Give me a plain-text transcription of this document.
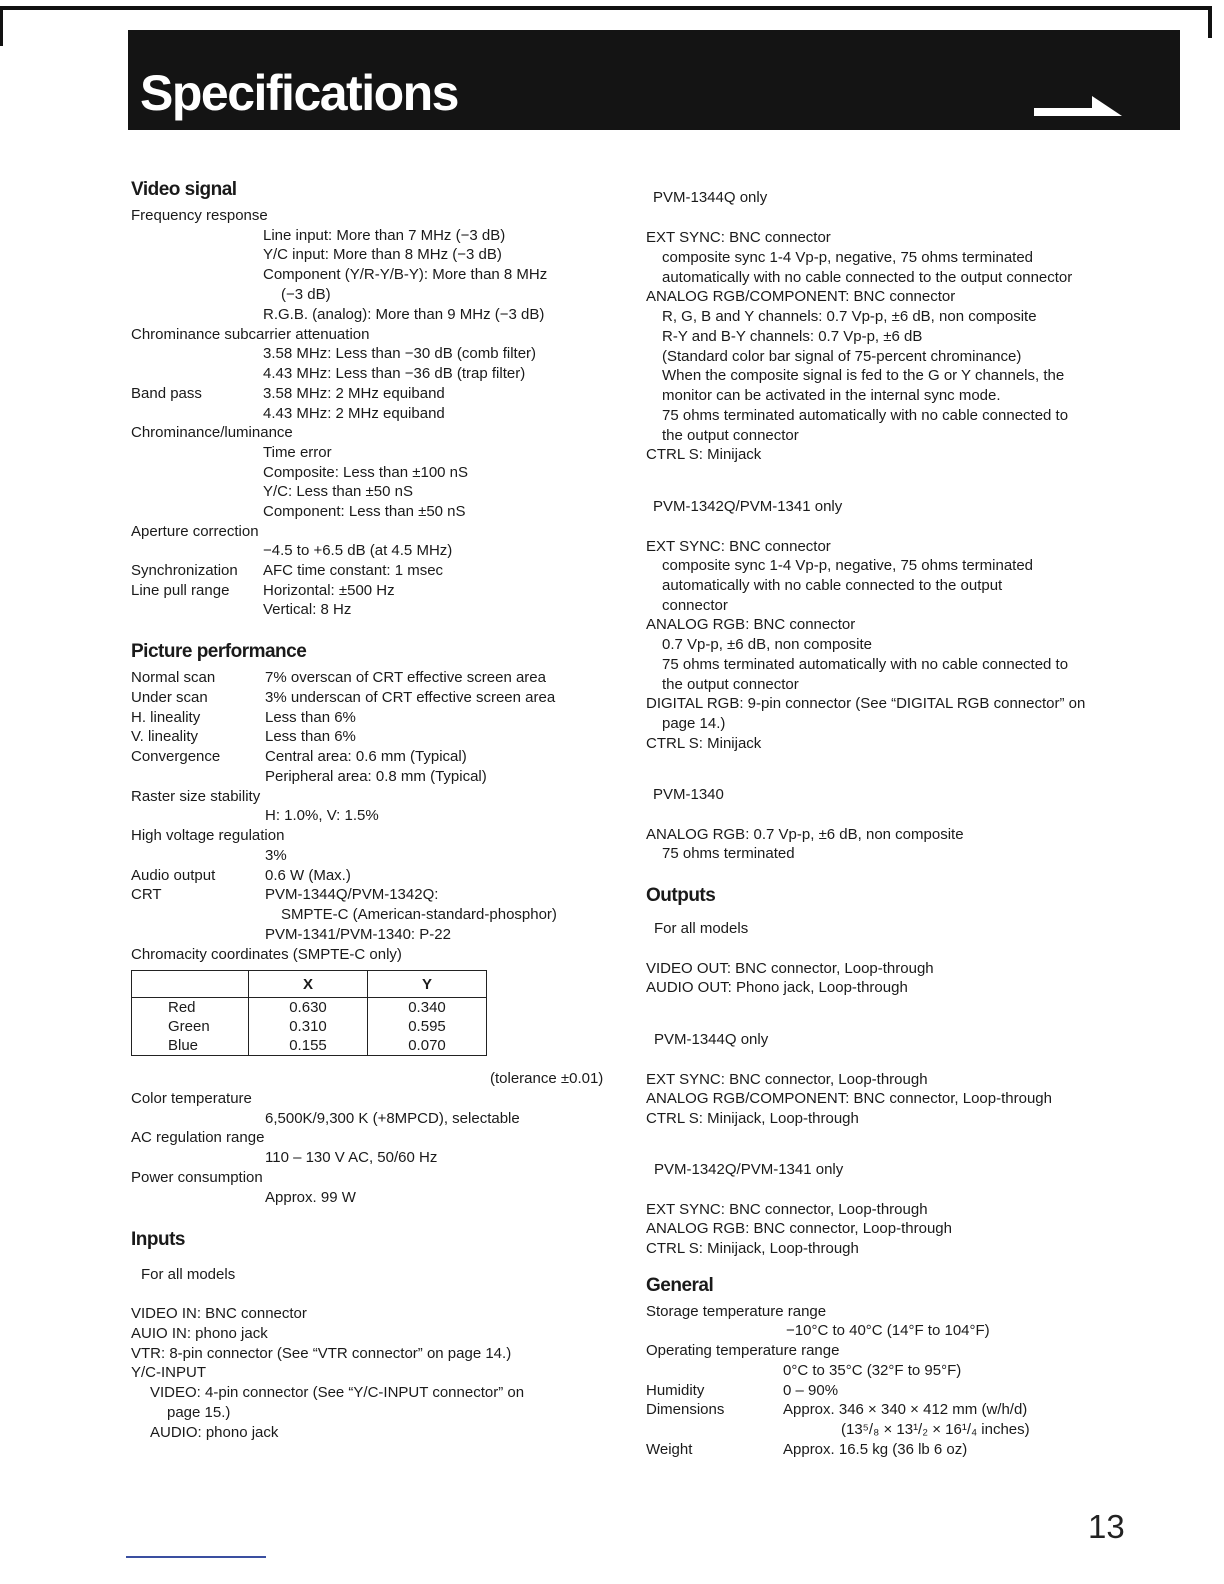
Specifications
Video signal
Frequency response
Line input: More than 7 MHz (−3 dB)
Y/C input: More than 8 MHz (−3 dB)
Component (Y/R-Y/B-Y): More than 8 MHz
(−3 dB)
R.G.B. (analog): More than 9 MHz (−3 dB)
Chrominance subcarrier attenuation
3.58 MHz: Less than −30 dB (comb filter)
4.43 MHz: Less than −36 dB (trap filter)
Band pass	3.58 MHz: 2 MHz equiband
4.43 MHz: 2 MHz equiband
Chrominance/luminance
Time error
Composite: Less than ±100 nS
Y/C: Less than ±50 nS
Component: Less than ±50 nS
Aperture correction
−4.5 to +6.5 dB (at 4.5 MHz)
Synchronization AFC time constant: 1 msec
Line pull range Horizontal: ±500 Hz
Vertical: 8 Hz
Picture performance
Normal scan	7% overscan of CRT effective screen area
Under scan	3% underscan of CRT effective screen area
H. lineality	Less than 6%
V. lineality	Less than 6%
Convergence	Central area: 0.6 mm (Typical)
Peripheral area: 0.8 mm (Typical)
Raster size stability
H: 1.0%, V: 1.5%
High voltage regulation
3%
Audio output	0.6 W (Max.)
CRT	PVM-1344Q/PVM-1342Q:
SMPTE-C (American-standard-phosphor)
PVM-1341/PVM-1340: P-22
Chromacity coordinates (SMPTE-C only)
	X	Y
Red	0.630	0.340
Green	0.310	0.595
Blue	0.155	0.070
(tolerance ±0.01)
Color temperature
6,500K/9,300 K (+8MPCD), selectable
AC regulation range
110 – 130 V AC, 50/60 Hz
Power consumption
Approx. 99 W
Inputs
For all models
VIDEO IN: BNC connector
AUIO IN: phono jack
VTR: 8-pin connector (See “VTR connector” on page 14.)
Y/C-INPUT
VIDEO: 4-pin connector (See “Y/C-INPUT connector” on
page 15.)
AUDIO: phono jack
PVM-1344Q only
EXT SYNC: BNC connector
composite sync 1-4 Vp-p, negative, 75 ohms terminated
automatically with no cable connected to the output connector
ANALOG RGB/COMPONENT: BNC connector
R, G, B and Y channels: 0.7 Vp-p, ±6 dB, non composite
R-Y and B-Y channels: 0.7 Vp-p, ±6 dB
(Standard color bar signal of 75-percent chrominance)
When the composite signal is fed to the G or Y channels, the
monitor can be activated in the internal sync mode.
75 ohms terminated automatically with no cable connected to
the output connector
CTRL S: Minijack
PVM-1342Q/PVM-1341 only
EXT SYNC: BNC connector
composite sync 1-4 Vp-p, negative, 75 ohms terminated
automatically with no cable connected to the output
connector
ANALOG RGB: BNC connector
0.7 Vp-p, ±6 dB, non composite
75 ohms terminated automatically with no cable connected to
the output connector
DIGITAL RGB: 9-pin connector (See “DIGITAL RGB connector” on
page 14.)
CTRL S: Minijack
PVM-1340
ANALOG RGB: 0.7 Vp-p, ±6 dB, non composite
75 ohms terminated
Outputs
For all models
VIDEO OUT: BNC connector, Loop-through
AUDIO OUT: Phono jack, Loop-through
PVM-1344Q only
EXT SYNC: BNC connector, Loop-through
ANALOG RGB/COMPONENT: BNC connector, Loop-through
CTRL S: Minijack, Loop-through
PVM-1342Q/PVM-1341 only
EXT SYNC: BNC connector, Loop-through
ANALOG RGB: BNC connector, Loop-through
CTRL S: Minijack, Loop-through
General
Storage temperature range
−10°C to 40°C (14°F to 104°F)
Operating temperature range
0°C to 35°C (32°F to 95°F)
Humidity	0 – 90%
Dimensions	Approx. 346 × 340 × 412 mm (w/h/d)
(13⁵/₈ × 13¹/₂ × 16¹/₄ inches)
Weight	Approx. 16.5 kg (36 lb 6 oz)
13
